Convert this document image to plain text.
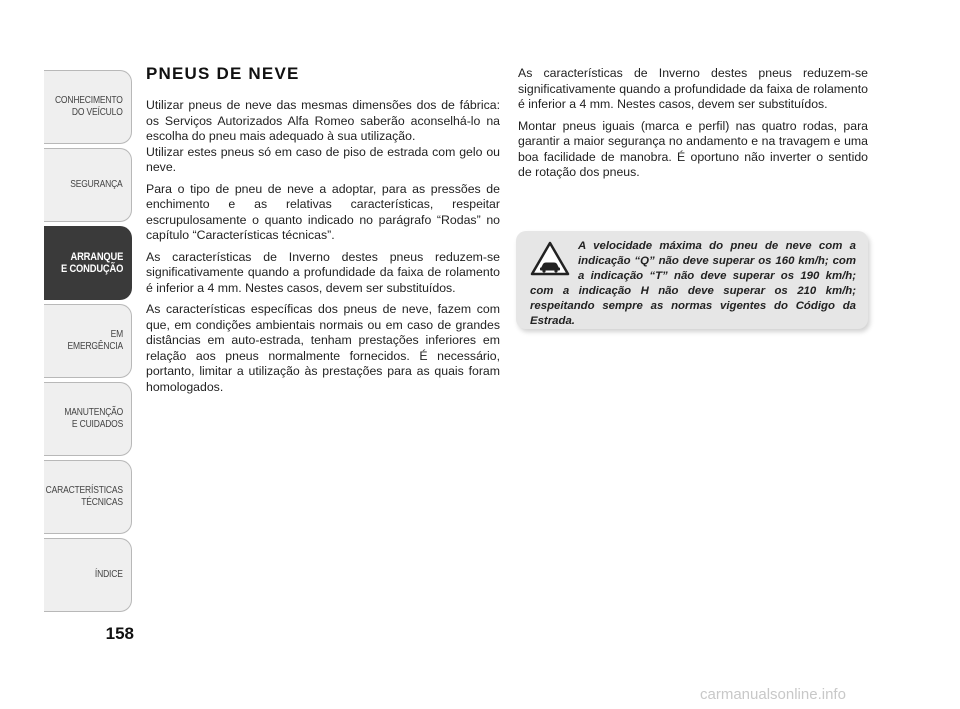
CONHECIMENTO
DO VEÍCULO
SEGURANÇA
ARRANQUE
E CONDUÇÃO
EM EMERGÊNCIA
MANUTENÇÃO
E CUIDADOS
CARACTERÍSTICAS
TÉCNICAS
ÍNDICE
158
PNEUS DE NEVE

Utilizar pneus de neve das mesmas dimensões dos de fábrica: os Serviços Autorizados Alfa Romeo saberão aconselhá-lo na escolha do pneu mais adequado à sua utilização.

Utilizar estes pneus só em caso de piso de estrada com gelo ou neve.

Para o tipo de pneu de neve a adoptar, para as pressões de enchimento e as relativas características, respeitar escrupulosamente o quanto indicado no parágrafo “Rodas” no capítulo “Características técnicas”.

As características de Inverno destes pneus reduzem-se significativamente quando a profundidade da faixa de rolamento é inferior a 4 mm. Nestes casos, devem ser substituídos.

As características específicas dos pneus de neve, fazem com que, em condições ambientais normais ou em caso de grandes distâncias em auto-estrada, tenham prestações inferiores em relação aos pneus normalmente fornecidos. É necessário, portanto, limitar a utilização às prestações para as quais foram homologados.

As características de Inverno destes pneus reduzem-se significativamente quando a profundidade da faixa de rolamento é inferior a 4 mm. Nestes casos, devem ser substituídos.

Montar pneus iguais (marca e perfil) nas quatro rodas, para garantir a maior segurança no andamento e na travagem e uma boa facilidade de manobra. É oportuno não inverter o sentido de rotação dos pneus.

A velocidade máxima do pneu de neve com a indicação “Q” não deve superar os 160 km/h; com a indicação “T” não deve superar os 190 km/h; com a indicação H não deve superar os 210 km/h; respeitando sempre as normas vigentes do Código da Estrada.

carmanualsonline.info
